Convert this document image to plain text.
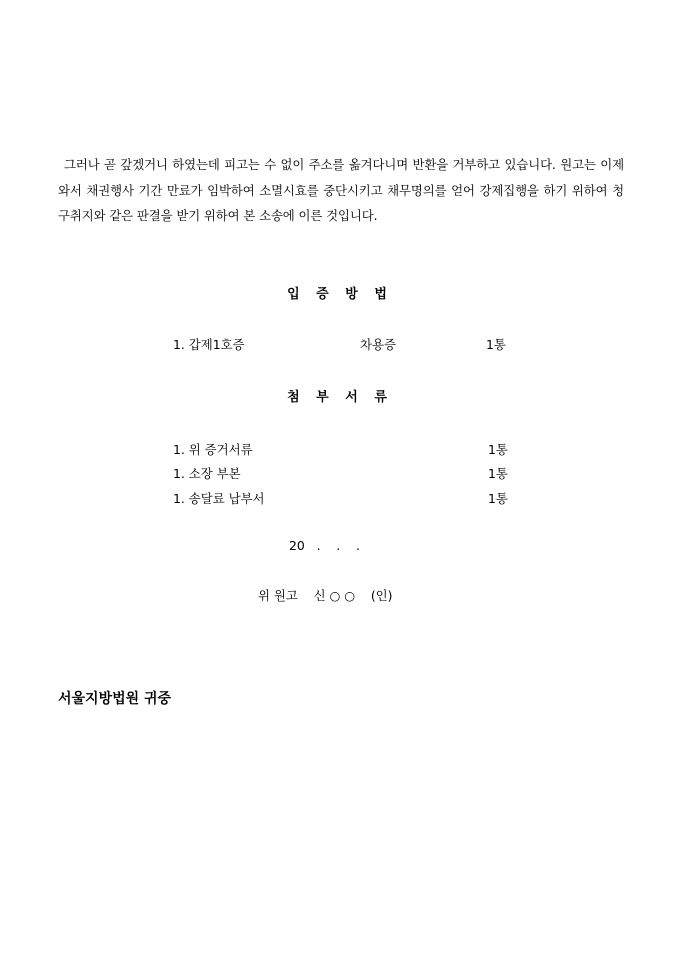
그러나 곧 갚겠거니 하였는데 피고는 수 없이 주소를 옮겨다니며 반환을 거부하고 있습니다. 원고는 이제 와서 채권행사 기간 만료가 임박하여 소멸시효를 중단시키고 채무명의를 얻어 강제집행을 하기 위하여 청구취지와 같은 판결을 받기 위하여 본 소송에 이른 것입니다.

입 증 방 법
1. 갑제1호증	차용증	1통
첨 부 서 류
1. 위 증거서류	1통
1. 소장 부본	1통
1. 송달료 납부서	1통
20   .    .    .
위 원고    신 ○ ○    (인)
서울지방법원 귀중
